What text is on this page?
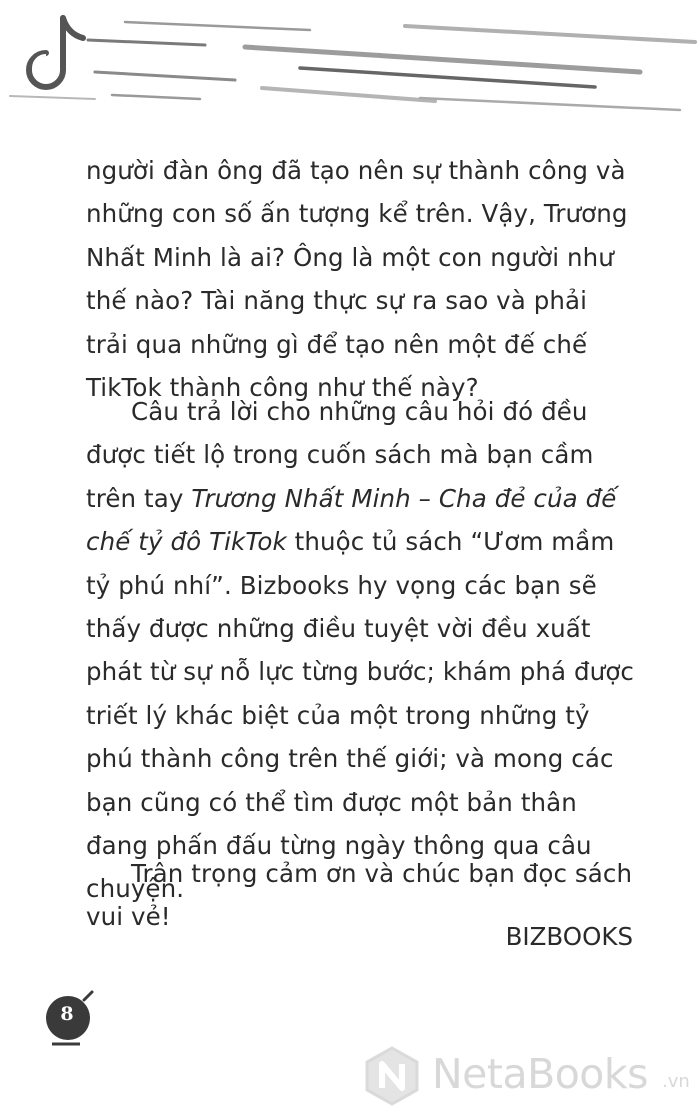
người đàn ông đã tạo nên sự thành công và những con số ấn tượng kể trên. Vậy, Trương Nhất Minh là ai? Ông là một con người như thế nào? Tài năng thực sự ra sao và phải trải qua những gì để tạo nên một đế chế TikTok thành công như thế này?

Câu trả lời cho những câu hỏi đó đều được tiết lộ trong cuốn sách mà bạn cầm trên tay Trương Nhất Minh – Cha đẻ của đế chế tỷ đô TikTok thuộc tủ sách “Ươm mầm tỷ phú nhí”. Bizbooks hy vọng các bạn sẽ thấy được những điều tuyệt vời đều xuất phát từ sự nỗ lực từng bước; khám phá được triết lý khác biệt của một trong những tỷ phú thành công trên thế giới; và mong các bạn cũng có thể tìm được một bản thân đang phấn đấu từng ngày thông qua câu chuyện.

Trân trọng cảm ơn và chúc bạn đọc sách vui vẻ!

BIZBOOKS
8
NetaBooks .vn
